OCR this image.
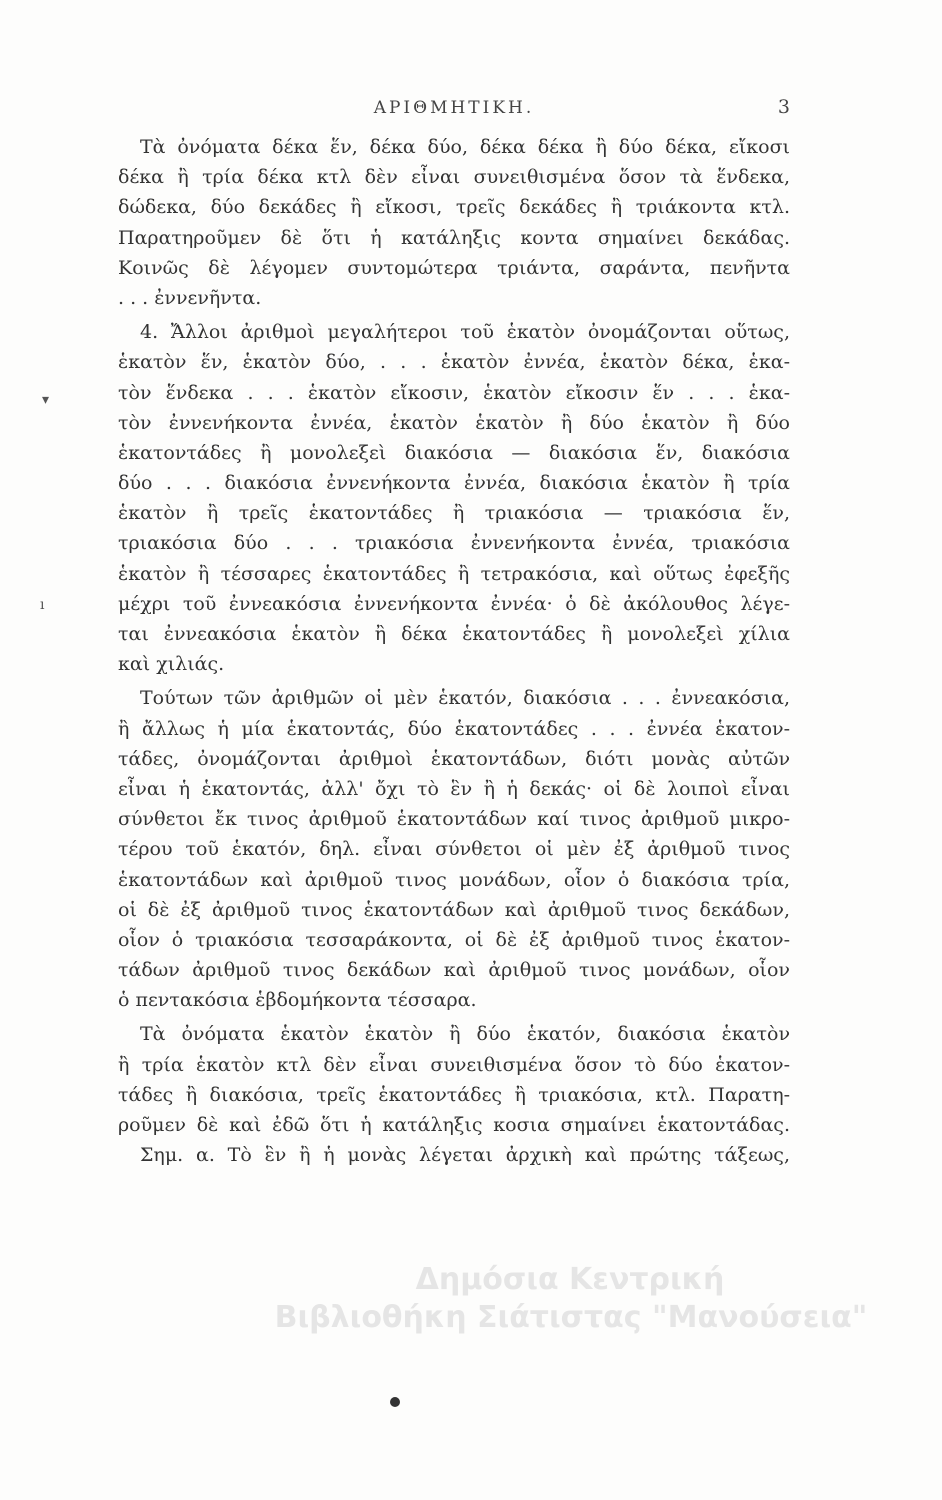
ΑΡΙΘΜΗΤΙΚΗ.	3
▾
ı
Τὰ ὀνόματα δέκα ἕν, δέκα δύο, δέκα δέκα ἢ δύο δέκα, εἴκοσι
δέκα ἢ τρία δέκα κτλ δὲν εἶναι συνειθισμένα ὅσον τὰ ἕνδεκα,
δώδεκα, δύο δεκάδες ἢ εἴκοσι, τρεῖς δεκάδες ἢ τριάκοντα κτλ.
Παρατηροῦμεν δὲ ὅτι ἡ κατάληξις κοντα σημαίνει δεκάδας.
Κοινῶς δὲ λέγομεν συντομώτερα τριάντα, σαράντα, πενῆντα
. . . ἐννενῆντα.
4. Ἄλλοι ἀριθμοὶ μεγαλήτεροι τοῦ ἑκατὸν ὀνομάζονται οὕτως,
ἑκατὸν ἕν, ἑκατὸν δύο, . . . ἑκατὸν ἐννέα, ἑκατὸν δέκα, ἑκα-
τὸν ἕνδεκα . . . ἑκατὸν εἴκοσιν, ἑκατὸν εἴκοσιν ἕν . . . ἑκα-
τὸν ἐννενήκοντα ἐννέα, ἑκατὸν ἑκατὸν ἢ δύο ἑκατὸν ἢ δύο
ἑκατοντάδες ἢ μονολεξεὶ διακόσια — διακόσια ἕν, διακόσια
δύο . . . διακόσια ἐννενήκοντα ἐννέα, διακόσια ἑκατὸν ἢ τρία
ἑκατὸν ἢ τρεῖς ἑκατοντάδες ἢ τριακόσια — τριακόσια ἕν,
τριακόσια δύο . . . τριακόσια ἐννενήκοντα ἐννέα, τριακόσια
ἑκατὸν ἢ τέσσαρες ἑκατοντάδες ἢ τετρακόσια, καὶ οὕτως ἐφεξῆς
μέχρι τοῦ ἐννεακόσια ἐννενήκοντα ἐννέα· ὁ δὲ ἀκόλουθος λέγε-
ται ἐννεακόσια ἑκατὸν ἢ δέκα ἑκατοντάδες ἢ μονολεξεὶ χίλια
καὶ χιλιάς.
Τούτων τῶν ἀριθμῶν οἱ μὲν ἑκατόν, διακόσια . . . ἐννεακόσια,
ἢ ἄλλως ἡ μία ἑκατοντάς, δύο ἑκατοντάδες . . . ἐννέα ἑκατον-
τάδες, ὀνομάζονται ἀριθμοὶ ἑκατοντάδων, διότι μονὰς αὐτῶν
εἶναι ἡ ἑκατοντάς, ἀλλ' ὄχι τὸ ἓν ἢ ἡ δεκάς· οἱ δὲ λοιποὶ εἶναι
σύνθετοι ἔκ τινος ἀριθμοῦ ἑκατοντάδων καί τινος ἀριθμοῦ μικρο-
τέρου τοῦ ἑκατόν, δηλ. εἶναι σύνθετοι οἱ μὲν ἐξ ἀριθμοῦ τινος
ἑκατοντάδων καὶ ἀριθμοῦ τινος μονάδων, οἷον ὁ διακόσια τρία,
οἱ δὲ ἐξ ἀριθμοῦ τινος ἑκατοντάδων καὶ ἀριθμοῦ τινος δεκάδων,
οἷον ὁ τριακόσια τεσσαράκοντα, οἱ δὲ ἐξ ἀριθμοῦ τινος ἑκατον-
τάδων ἀριθμοῦ τινος δεκάδων καὶ ἀριθμοῦ τινος μονάδων, οἷον
ὁ πεντακόσια ἑβδομήκοντα τέσσαρα.
Τὰ ὀνόματα ἑκατὸν ἑκατὸν ἢ δύο ἑκατόν, διακόσια ἑκατὸν
ἢ τρία ἑκατὸν κτλ δὲν εἶναι συνειθισμένα ὅσον τὸ δύο ἑκατον-
τάδες ἢ διακόσια, τρεῖς ἑκατοντάδες ἢ τριακόσια, κτλ. Παρατη-
ροῦμεν δὲ καὶ ἐδῶ ὅτι ἡ κατάληξις κοσια σημαίνει ἑκατοντάδας.
Σημ. α. Τὸ ἓν ἢ ἡ μονὰς λέγεται ἀρχικὴ καὶ πρώτης τάξεως,
Δημόσια Κεντρική
Βιβλιοθήκη Σιάτιστας "Μανούσεια"
